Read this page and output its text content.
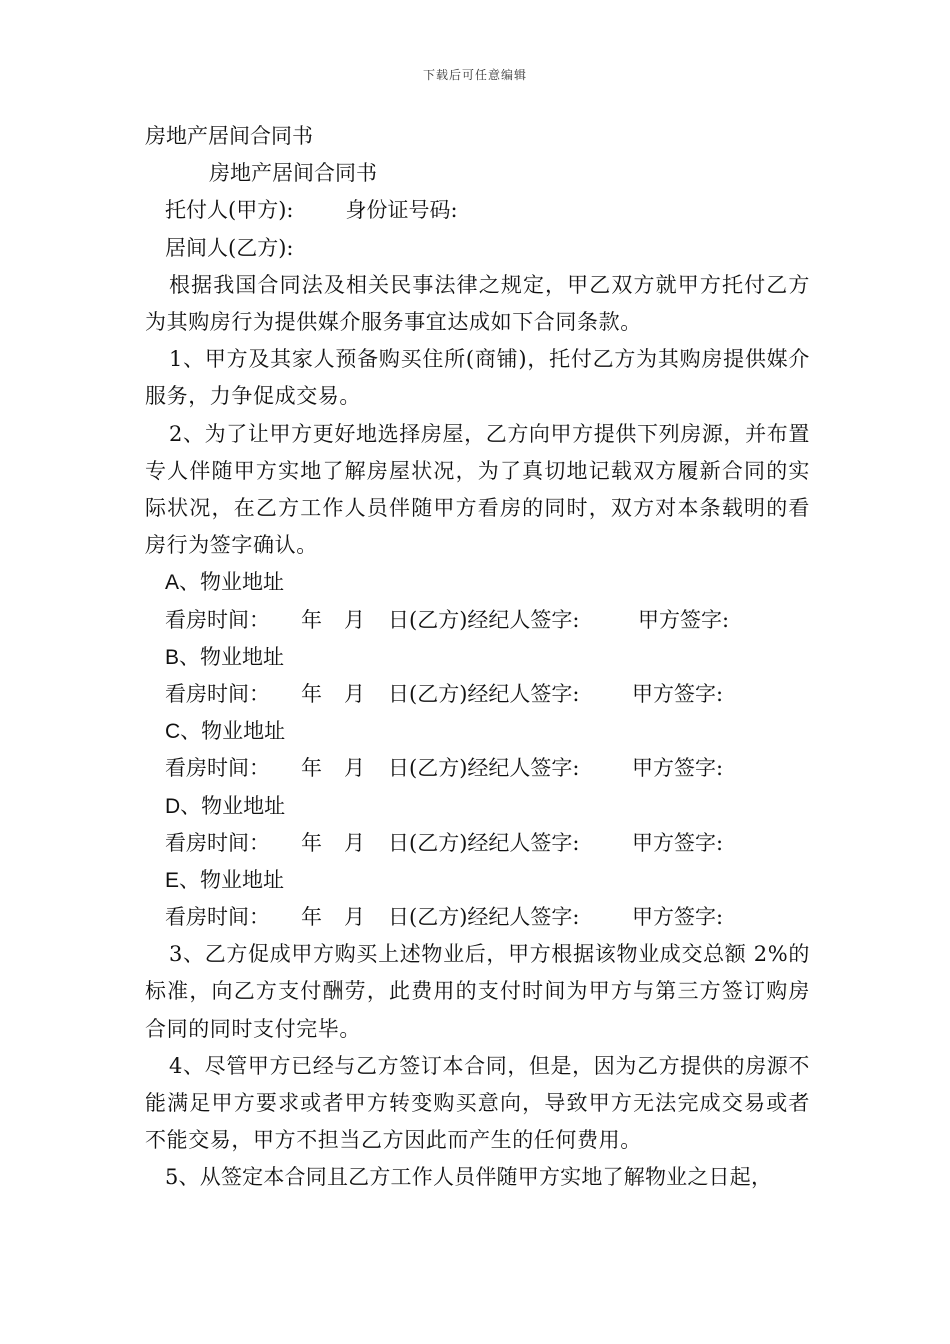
下载后可任意编辑
房地产居间合同书
房地产居间合同书
托付人(甲方): 身份证号码:
居间人(乙方):
根据我国合同法及相关民事法律之规定，甲乙双方就甲方托付乙方为其购房行为提供媒介服务事宜达成如下合同条款。
1、甲方及其家人预备购买住所(商铺)，托付乙方为其购房提供媒介服务，力争促成交易。
2、为了让甲方更好地选择房屋，乙方向甲方提供下列房源，并布置专人伴随甲方实地了解房屋状况，为了真切地记载双方履新合同的实际状况，在乙方工作人员伴随甲方看房的同时，双方对本条载明的看房行为签字确认。
A、物业地址
看房时间： 年 月 日(乙方)经纪人签字:	甲方签字:
B、物业地址
看房时间： 年 月 日(乙方)经纪人签字:	甲方签字:
C、物业地址
看房时间： 年 月 日(乙方)经纪人签字:	甲方签字:
D、物业地址
看房时间： 年 月 日(乙方)经纪人签字:	甲方签字:
E、物业地址
看房时间： 年 月 日(乙方)经纪人签字:	甲方签字:
3、乙方促成甲方购买上述物业后，甲方根据该物业成交总额 2%的标准，向乙方支付酬劳，此费用的支付时间为甲方与第三方签订购房合同的同时支付完毕。
4、尽管甲方已经与乙方签订本合同，但是，因为乙方提供的房源不能满足甲方要求或者甲方转变购买意向，导致甲方无法完成交易或者不能交易，甲方不担当乙方因此而产生的任何费用。
5、从签定本合同且乙方工作人员伴随甲方实地了解物业之日起，
